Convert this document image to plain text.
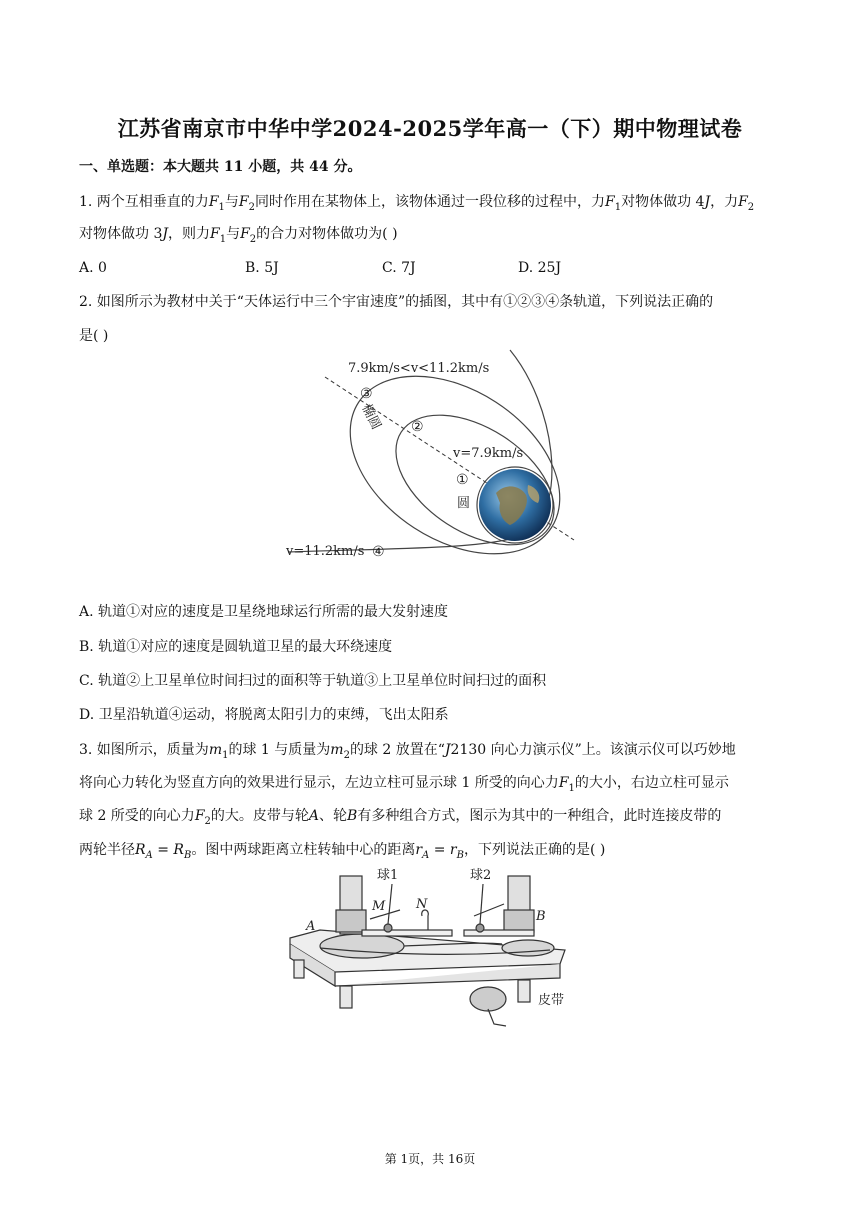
江苏省南京市中华中学2024-2025学年高一（下）期中物理试卷
一、单选题：本大题共 11 小题，共 44 分。
1. 两个互相垂直的力$F_1$与$F_2$同时作用在某物体上，该物体通过一段位移的过程中，力$F_1$对物体做功 4J，力$F_2$
对物体做功 3J，则力$F_1$与$F_2$的合力对物体做功为( )
A. 0	B. 5J	C. 7J	D. 25J
2. 如图所示为教材中关于“天体运行中三个宇宙速度”的插图，其中有①②③④条轨道，下列说法正确的
是( )
7.9km/s<v<11.2km/s
③
椭圆 ②
v=7.9km/s
①
圆
v=11.2km/s ④
A. 轨道①对应的速度是卫星绕地球运行所需的最大发射速度
B. 轨道①对应的速度是圆轨道卫星的最大环绕速度
C. 轨道②上卫星单位时间扫过的面积等于轨道③上卫星单位时间扫过的面积
D. 卫星沿轨道④运动，将脱离太阳引力的束缚，飞出太阳系
3. 如图所示，质量为$m_1$的球 1 与质量为$m_2$的球 2 放置在“J2130 向心力演示仪”上。该演示仪可以巧妙地
将向心力转化为竖直方向的效果进行显示，左边立柱可显示球 1 所受的向心力$F_1$的大小，右边立柱可显示
球 2 所受的向心力$F_2$的大。皮带与轮A、轮B有多种组合方式，图示为其中的一种组合，此时连接皮带的
两轮半径$R_A = R_B$。图中两球距离立柱转轴中心的距离$r_A = r_B$，下列说法正确的是( )
球1	球2
M N
A
B
皮带
第 1页，共 16页
